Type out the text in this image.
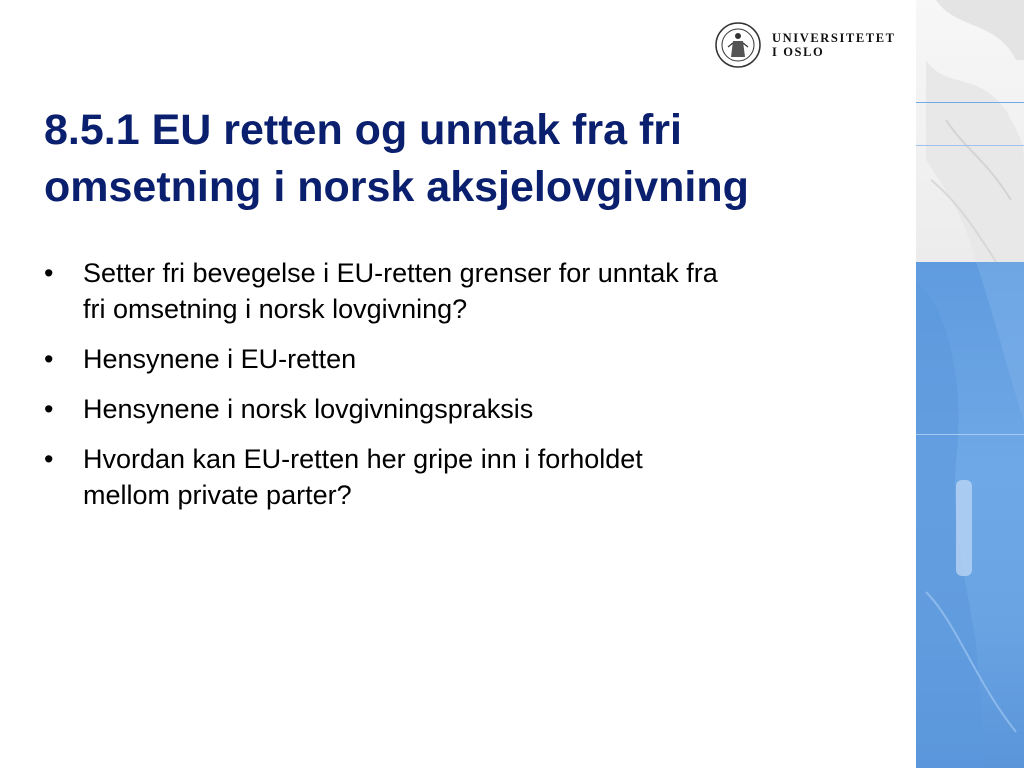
UNIVERSITETET
I OSLO
8.5.1 EU retten og unntak fra fri
omsetning i norsk aksjelovgivning
• Setter fri bevegelse i EU-retten grenser for unntak fra
fri omsetning i norsk lovgivning?
• Hensynene i EU-retten
• Hensynene i norsk lovgivningspraksis
• Hvordan kan EU-retten her gripe inn i forholdet
mellom private parter?
